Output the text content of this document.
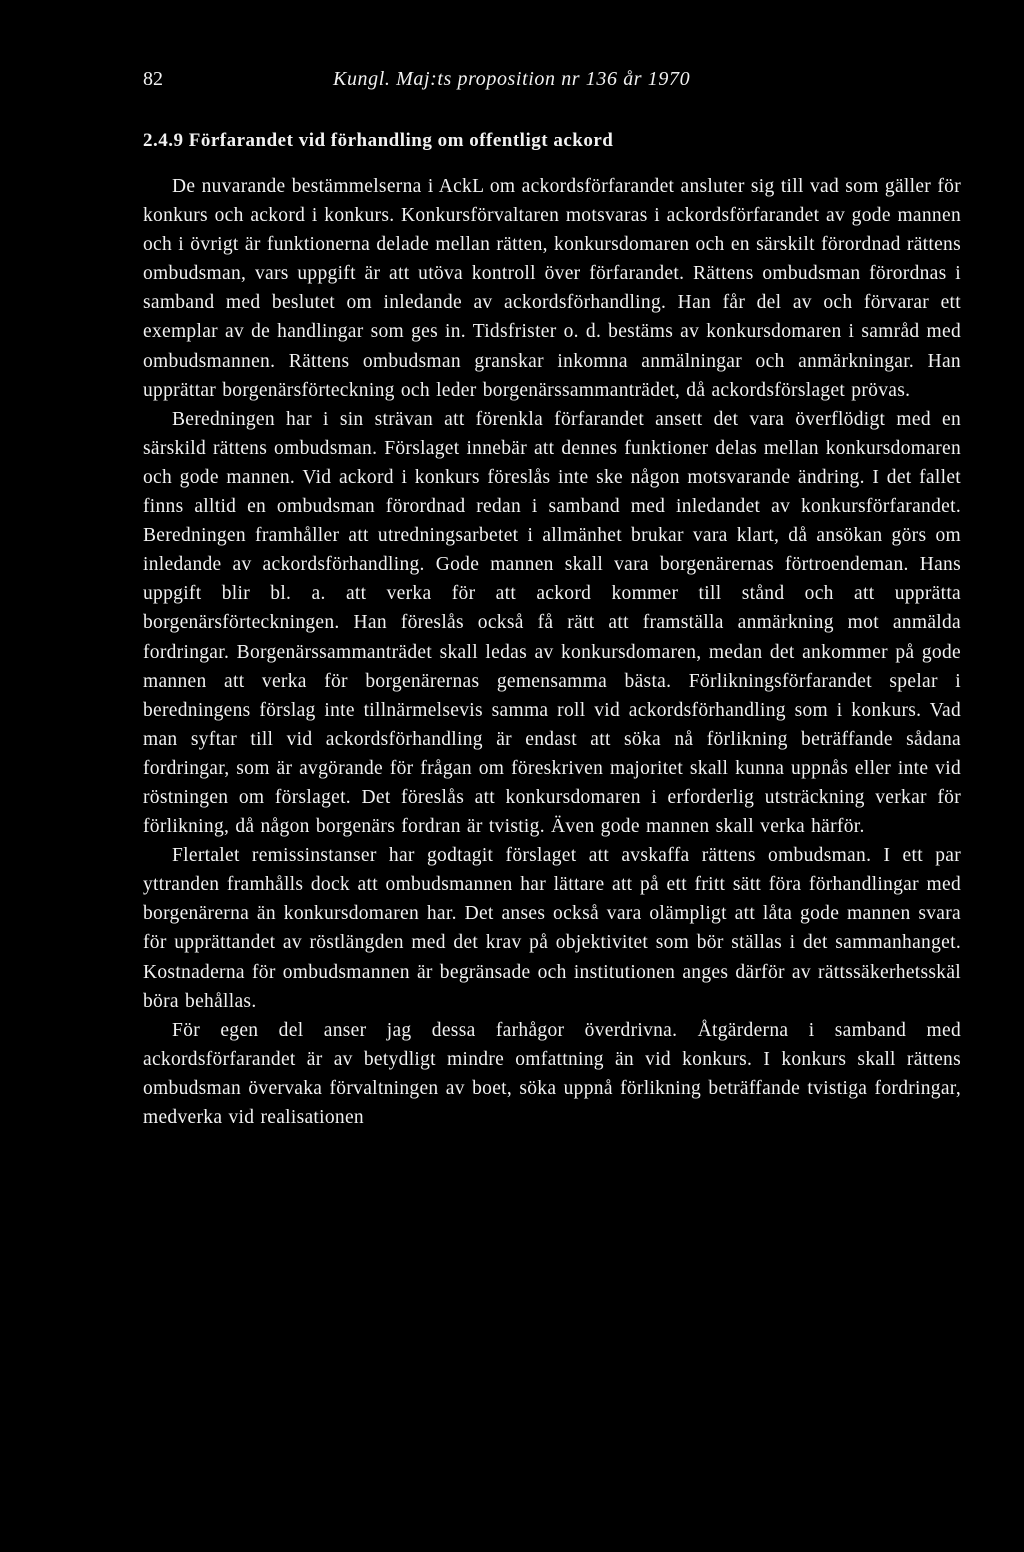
82	Kungl. Maj:ts proposition nr 136 år 1970
2.4.9 Förfarandet vid förhandling om offentligt ackord

De nuvarande bestämmelserna i AckL om ackordsförfarandet ansluter sig till vad som gäller för konkurs och ackord i konkurs. Konkursförvaltaren motsvaras i ackordsförfarandet av gode mannen och i övrigt är funktionerna delade mellan rätten, konkursdomaren och en särskilt förordnad rättens ombudsman, vars uppgift är att utöva kontroll över förfarandet. Rättens ombudsman förordnas i samband med beslutet om inledande av ackordsförhandling. Han får del av och förvarar ett exemplar av de handlingar som ges in. Tidsfrister o. d. bestäms av konkursdomaren i samråd med ombudsmannen. Rättens ombudsman granskar inkomna anmälningar och anmärkningar. Han upprättar borgenärsförteckning och leder borgenärssammanträdet, då ackordsförslaget prövas.

Beredningen har i sin strävan att förenkla förfarandet ansett det vara överflödigt med en särskild rättens ombudsman. Förslaget innebär att dennes funktioner delas mellan konkursdomaren och gode mannen. Vid ackord i konkurs föreslås inte ske någon motsvarande ändring. I det fallet finns alltid en ombudsman förordnad redan i samband med inledandet av konkursförfarandet. Beredningen framhåller att utredningsarbetet i allmänhet brukar vara klart, då ansökan görs om inledande av ackordsförhandling. Gode mannen skall vara borgenärernas förtroendeman. Hans uppgift blir bl. a. att verka för att ackord kommer till stånd och att upprätta borgenärsförteckningen. Han föreslås också få rätt att framställa anmärkning mot anmälda fordringar. Borgenärssammanträdet skall ledas av konkursdomaren, medan det ankommer på gode mannen att verka för borgenärernas gemensamma bästa. Förlikningsförfarandet spelar i beredningens förslag inte tillnärmelsevis samma roll vid ackordsförhandling som i konkurs. Vad man syftar till vid ackordsförhandling är endast att söka nå förlikning beträffande sådana fordringar, som är avgörande för frågan om föreskriven majoritet skall kunna uppnås eller inte vid röstningen om förslaget. Det föreslås att konkursdomaren i erforderlig utsträckning verkar för förlikning, då någon borgenärs fordran är tvistig. Även gode mannen skall verka härför.

Flertalet remissinstanser har godtagit förslaget att avskaffa rättens ombudsman. I ett par yttranden framhålls dock att ombudsmannen har lättare att på ett fritt sätt föra förhandlingar med borgenärerna än konkursdomaren har. Det anses också vara olämpligt att låta gode mannen svara för upprättandet av röstlängden med det krav på objektivitet som bör ställas i det sammanhanget. Kostnaderna för ombudsmannen är begränsade och institutionen anges därför av rättssäkerhetsskäl böra behållas.

För egen del anser jag dessa farhågor överdrivna. Åtgärderna i samband med ackordsförfarandet är av betydligt mindre omfattning än vid konkurs. I konkurs skall rättens ombudsman övervaka förvaltningen av boet, söka uppnå förlikning beträffande tvistiga fordringar, medverka vid realisationen
